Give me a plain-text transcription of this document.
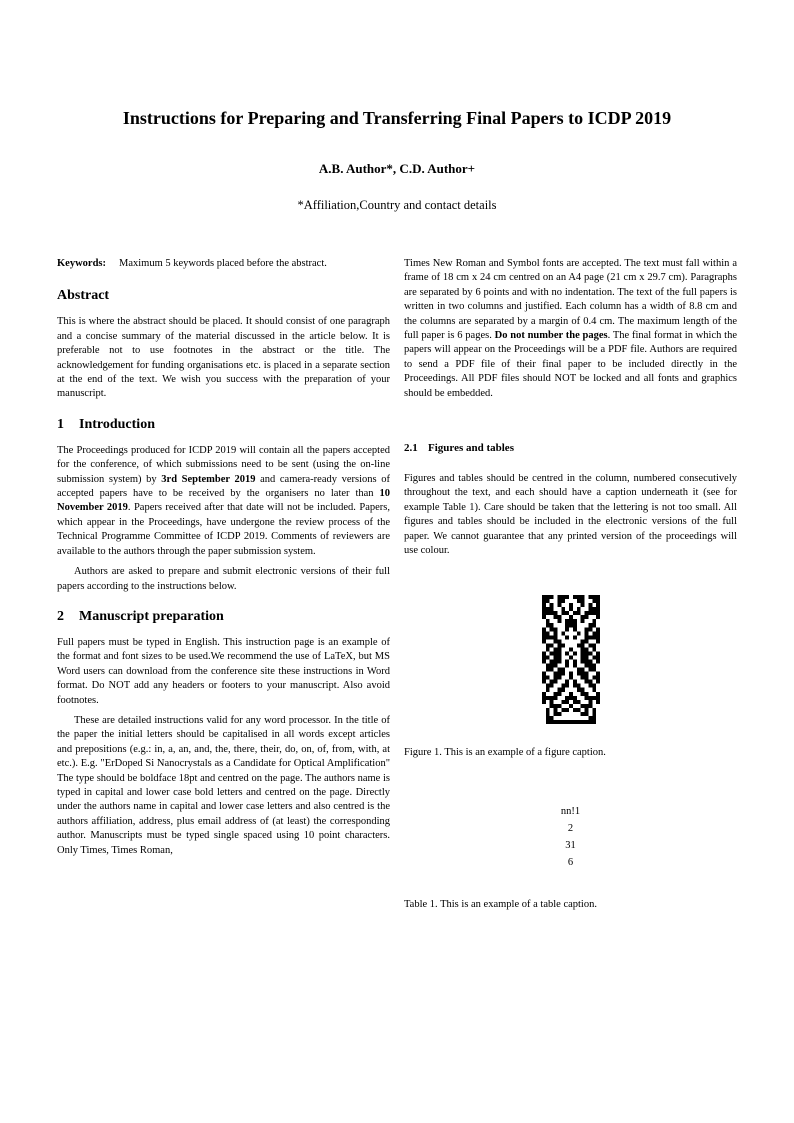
Instructions for Preparing and Transferring Final Papers to ICDP 2019
A.B. Author*, C.D. Author+
*Affiliation,Country and contact details

Keywords: Maximum 5 keywords placed before the abstract.

Abstract

This is where the abstract should be placed. It should consist of one paragraph and a concise summary of the material discussed in the article below. It is preferable not to use footnotes in the abstract or the title. The acknowledgement for funding organisations etc. is placed in a separate section at the end of the text. We wish you success with the preparation of your manuscript.

1 Introduction

The Proceedings produced for ICDP 2019 will contain all the papers accepted for the conference, of which submissions need to be sent (using the on-line submission system) by 3rd September 2019 and camera-ready versions of accepted papers have to be received by the organisers no later than 10 November 2019. Papers received after that date will not be included. Papers, which appear in the Proceedings, have undergone the review process of the Technical Programme Committee of ICDP 2019. Comments of reviewers are available to the authors through the paper submission system.

Authors are asked to prepare and submit electronic versions of their full papers according to the instructions below.

2 Manuscript preparation

Full papers must be typed in English. This instruction page is an example of the format and font sizes to be used.We recommend the use of LaTeX, but MS Word users can download from the conference site these instructions in Word format. Do NOT add any headers or footers to your manuscript. Also avoid footnotes.

These are detailed instructions valid for any word processor. In the title of the paper the initial letters should be capitalised in all words except articles and prepositions (e.g.: in, a, an, and, the, there, their, do, on, of, from, with, at etc.). E.g. "ErDoped Si Nanocrystals as a Candidate for Optical Amplification" The type should be boldface 18pt and centred on the page. The authors name is typed in capital and lower case bold letters and centred on the page. Directly under the authors name in capital and lower case letters and also centred is the authors affiliation, address, plus email address of (at least) the corresponding author. Manuscripts must be typed single spaced using 10 point characters. Only Times, Times Roman,

Times New Roman and Symbol fonts are accepted. The text must fall within a frame of 18 cm x 24 cm centred on an A4 page (21 cm x 29.7 cm). Paragraphs are separated by 6 points and with no indentation. The text of the full papers is written in two columns and justified. Each column has a width of 8.8 cm and the columns are separated by a margin of 0.4 cm. The maximum length of the full paper is 6 pages. Do not number the pages. The final format in which the papers will appear on the Proceedings will be a PDF file. Authors are required to send a PDF file of their final paper to be included directly in the Proceedings. All PDF files should NOT be locked and all fonts and graphics should be embedded.

2.1 Figures and tables

Figures and tables should be centred in the column, numbered consecutively throughout the text, and each should have a caption underneath it (see for example Table 1). Care should be taken that the lettering is not too small. All figures and tables should be included in the electronic versions of the full paper. We cannot guarantee that any printed version of the proceedings will use colour.

Figure 1. This is an example of a figure caption.

nn!1
2
31
6

Table 1. This is an example of a table caption.
